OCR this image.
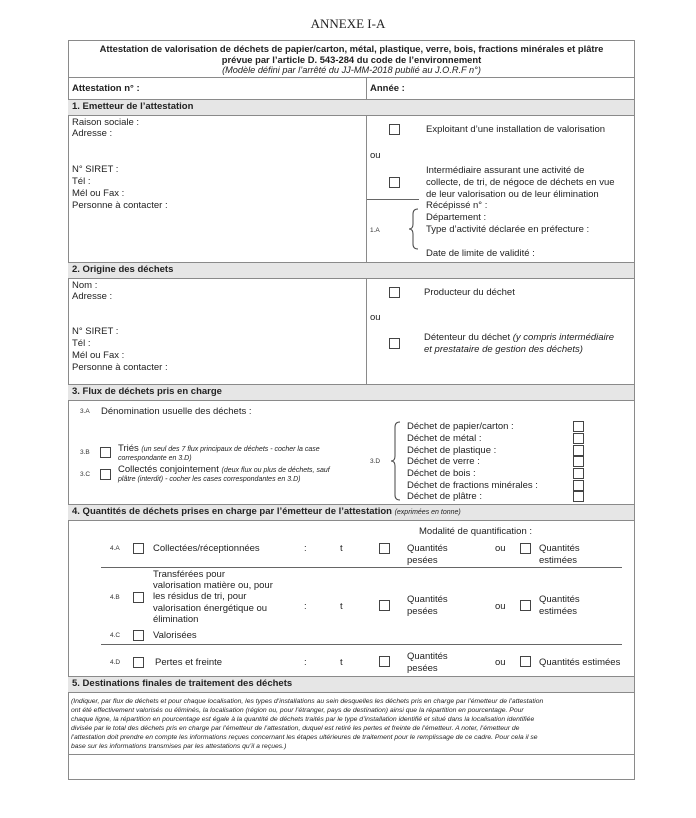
ANNEXE I-A
Attestation de valorisation de déchets de papier/carton, métal, plastique, verre, bois, fractions minérales et plâtre
prévue par l’article D. 543-284 du code de l’environnement
(Modèle défini par l’arrêté du JJ-MM-2018 publié au J.O.R.F n°)
Attestation n° :	Année :
1. Emetteur de l’attestation
Raison sociale :
Adresse :
N° SIRET :
Tél :
Mél ou Fax :
Personne à contacter :
Exploitant d’une installation de valorisation
ou
Intermédiaire assurant une activité de
collecte, de tri, de négoce de déchets en vue
de leur valorisation ou de leur élimination
1.A
Récépissé n° :
Département :
Type d’activité déclarée en préfecture :
Date de limite de validité :
2. Origine des déchets
Nom :
Adresse :
N° SIRET :
Tél :
Mél ou Fax :
Personne à contacter :
Producteur du déchet
ou
Détenteur du déchet (y compris intermédiaire
et prestataire de gestion des déchets)
3. Flux de déchets pris en charge
3.A Dénomination usuelle des déchets :
3.B	Triés (un seul des 7 flux principaux de déchets - cocher la case
correspondante en 3.D)
3.C	Collectés conjointement (deux flux ou plus de déchets, sauf
plâtre (interdit) - cocher les cases correspondantes en 3.D)
3.D
Déchet de papier/carton :
Déchet de métal :
Déchet de plastique :
Déchet de verre :
Déchet de bois :
Déchet de fractions minérales :
Déchet de plâtre :
4. Quantités de déchets prises en charge par l’émetteur de l’attestation (exprimées en tonne)
Modalité de quantification :
4.A	Collectées/réceptionnées	:	t	Quantités
pesées
ou	Quantités
estimées
4.B
Transférées pour
valorisation matière ou, pour
les résidus de tri, pour
valorisation énergétique ou
élimination
:	t
Quantités
pesées	ou
Quantités
estimées
4.C	Valorisées
4.D	Pertes et freinte	:	t
Quantités
pesées
ou	Quantités estimées
5. Destinations finales de traitement des déchets
(Indiquer, par flux de déchets et pour chaque localisation, les types d’installations au sein desquelles les déchets pris en charge par l’émetteur de l’attestation
ont été effectivement valorisés ou éliminés, la localisation (région ou, pour l’étranger, pays de destination) ainsi que la répartition en pourcentage. Pour
chaque ligne, la répartition en pourcentage est égale à la quantité de déchets traités par le type d’installation identifié et situé dans la localisation identifiée
divisée par le total des déchets pris en charge par l’émetteur de l’attestation, duquel est retiré les pertes et freinte de l’émetteur. A noter, l’émetteur de
l’attestation doit prendre en compte les informations reçues concernant les étapes ultérieures de traitement pour le remplissage de ce cadre. Pour cela il se
base sur les informations transmises par les attestations qu’il a reçues.)
